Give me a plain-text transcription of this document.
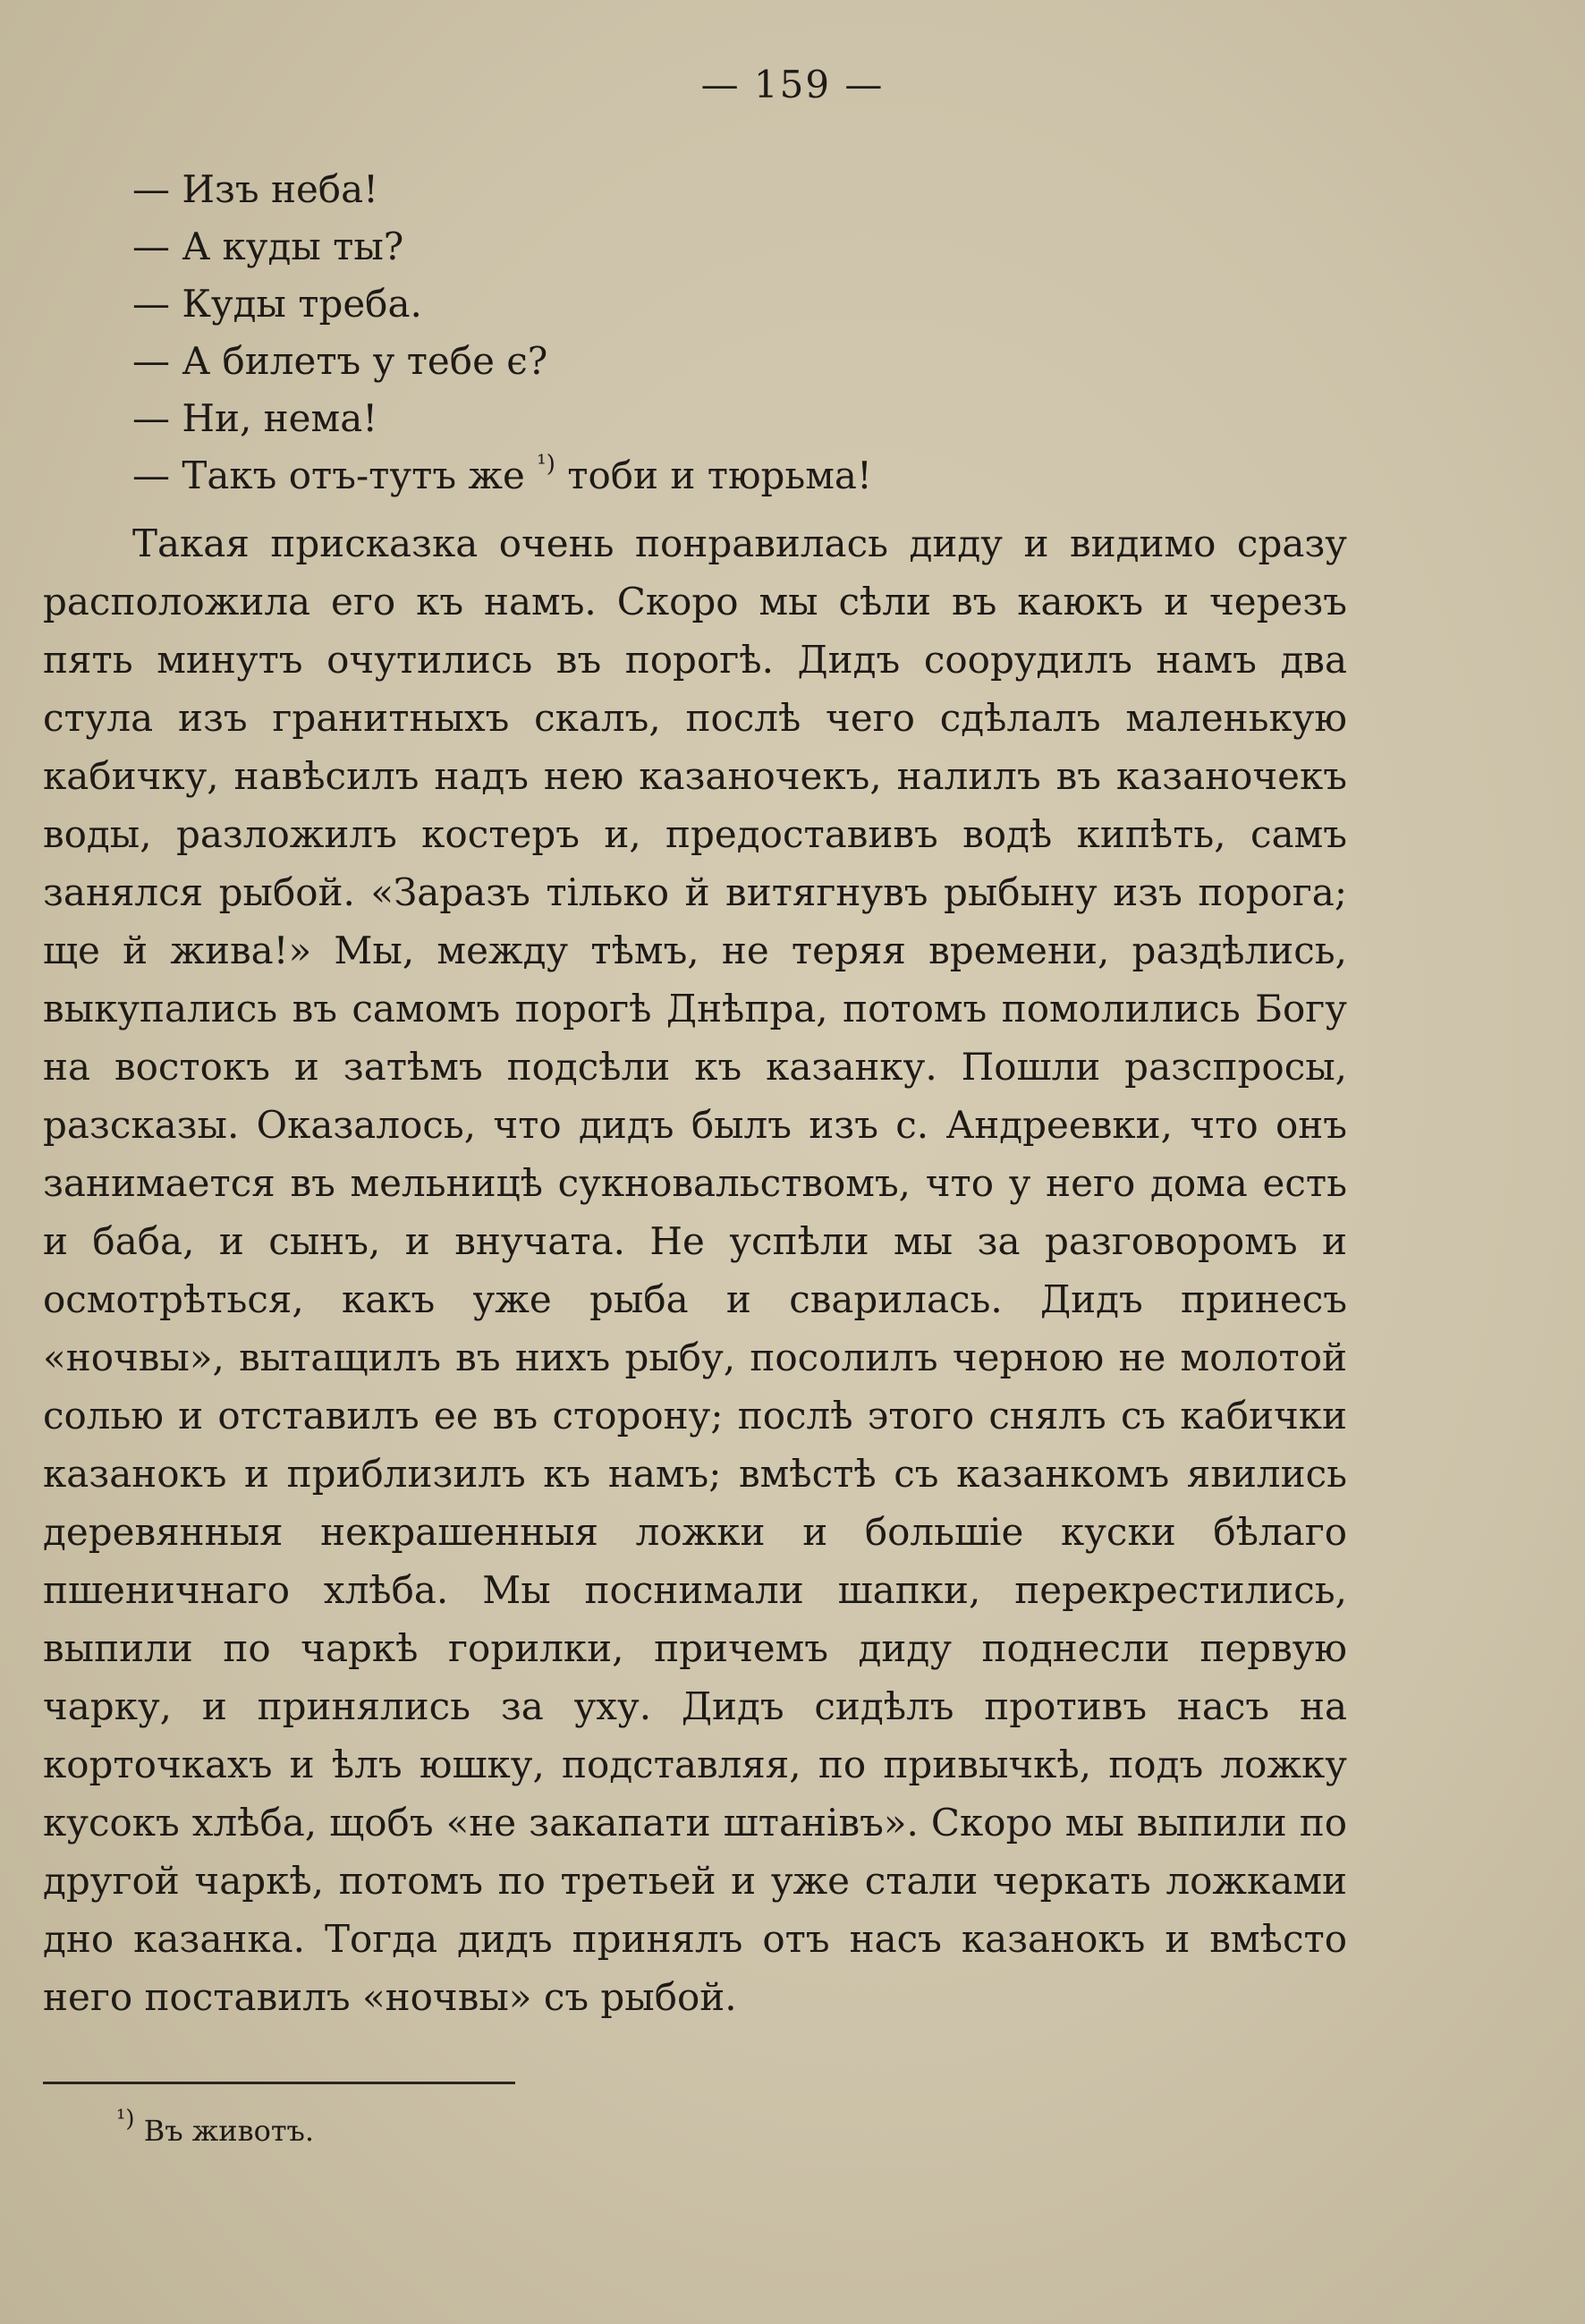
— 159 —
— Изъ неба!
— А куды ты?
— Куды треба.
— А билетъ у тебе є?
— Ни, нема!
— Такъ отъ-тутъ же $^{^1)}$ тоби и тюрьма!

Такая присказка очень понравилась диду и видимо сразу расположила его къ намъ. Скоро мы сѣли въ каюкъ и черезъ пять минутъ очутились въ порогѣ. Дидъ соорудилъ намъ два стула изъ гранитныхъ скалъ, послѣ чего сдѣлалъ маленькую кабичку, навѣсилъ надъ нею казаночекъ, налилъ въ казаночекъ воды, разложилъ костеръ и, предоставивъ водѣ кипѣть, самъ занялся рыбой. «Заразъ тiлько й витягнувъ рыбыну изъ порога; ще й жива!» Мы, между тѣмъ, не теряя времени, раздѣлись, выкупались въ самомъ порогѣ Днѣпра, потомъ помолились Богу на востокъ и затѣмъ подсѣли къ казанку. Пошли разспросы, разсказы. Оказалось, что дидъ былъ изъ с. Андреевки, что онъ занимается въ мельницѣ сукновальствомъ, что у него дома есть и баба, и сынъ, и внучата. Не успѣли мы за разговоромъ и осмотрѣться, какъ уже рыба и сварилась. Дидъ принесъ «ночвы», вытащилъ въ нихъ рыбу, посолилъ черною не молотой солью и отставилъ ее въ сторону; послѣ этого снялъ съ кабички казанокъ и приблизилъ къ намъ; вмѣстѣ съ казанкомъ явились деревянныя некрашенныя ложки и большiе куски бѣлаго пшеничнаго хлѣба. Мы поснимали шапки, перекрестились, выпили по чаркѣ горилки, причемъ диду поднесли первую чарку, и принялись за уху. Дидъ сидѣлъ противъ насъ на корточкахъ и ѣлъ юшку, подставляя, по привычкѣ, подъ ложку кусокъ хлѣба, щобъ «не закапати штанiвъ». Скоро мы выпили по другой чаркѣ, потомъ по третьей и уже стали черкать ложками дно казанка. Тогда дидъ принялъ отъ насъ казанокъ и вмѣсто него поставилъ «ночвы» съ рыбой.

$^{^1)}$ Въ животъ.
